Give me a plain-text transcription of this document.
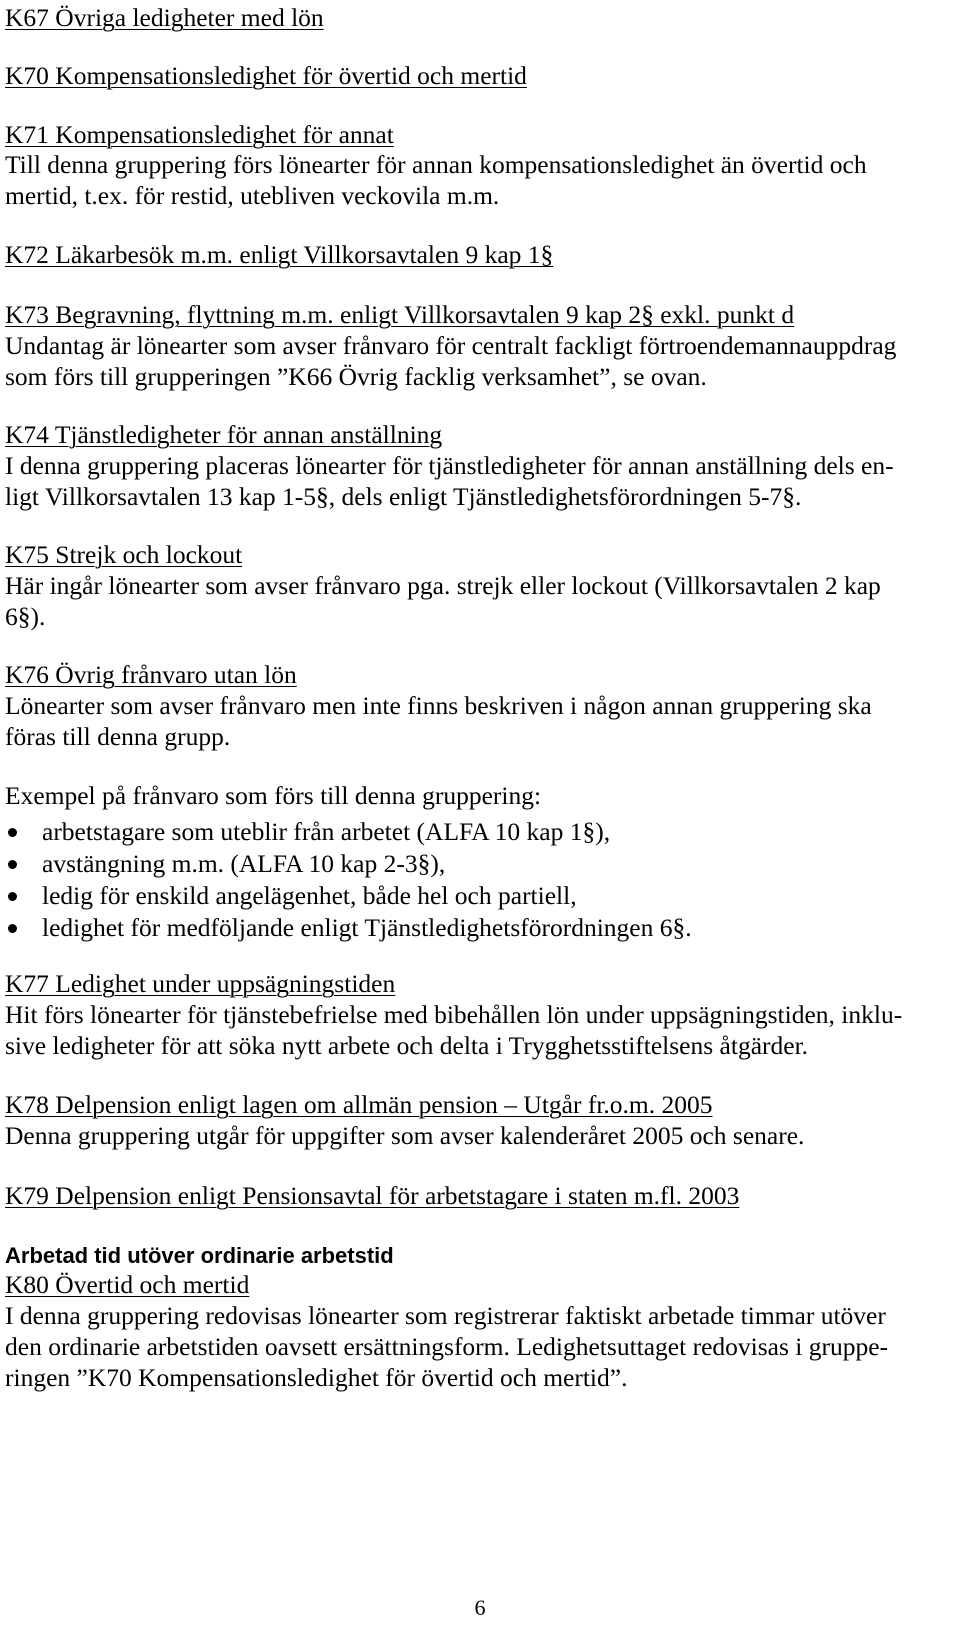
K67 Övriga ledigheter med lön
K70 Kompensationsledighet för övertid och mertid
K71 Kompensationsledighet för annat
Till denna gruppering förs lönearter för annan kompensationsledighet än övertid och
mertid, t.ex. för restid, utebliven veckovila m.m.
K72 Läkarbesök m.m. enligt Villkorsavtalen 9 kap 1§
K73 Begravning, flyttning m.m. enligt Villkorsavtalen 9 kap 2§ exkl. punkt d
Undantag är lönearter som avser frånvaro för centralt fackligt förtroendemannauppdrag
som förs till grupperingen ”K66 Övrig facklig verksamhet”, se ovan.
K74 Tjänstledigheter för annan anställning
I denna gruppering placeras lönearter för tjänstledigheter för annan anställning dels en-
ligt Villkorsavtalen 13 kap 1-5§, dels enligt Tjänstledighetsförordningen 5-7§.
K75 Strejk och lockout
Här ingår lönearter som avser frånvaro pga. strejk eller lockout (Villkorsavtalen 2 kap
6§).
K76 Övrig frånvaro utan lön
Lönearter som avser frånvaro men inte finns beskriven i någon annan gruppering ska
föras till denna grupp.
Exempel på frånvaro som förs till denna gruppering:
arbetstagare som uteblir från arbetet (ALFA 10 kap 1§),
avstängning m.m. (ALFA 10 kap 2-3§),
ledig för enskild angelägenhet, både hel och partiell,
ledighet för medföljande enligt Tjänstledighetsförordningen 6§.
K77 Ledighet under uppsägningstiden
Hit förs lönearter för tjänstebefrielse med bibehållen lön under uppsägningstiden, inklu-
sive ledigheter för att söka nytt arbete och delta i Trygghetsstiftelsens åtgärder.
K78 Delpension enligt lagen om allmän pension – Utgår fr.o.m. 2005
Denna gruppering utgår för uppgifter som avser kalenderåret 2005 och senare.
K79 Delpension enligt Pensionsavtal för arbetstagare i staten m.fl. 2003
Arbetad tid utöver ordinarie arbetstid
K80 Övertid och mertid
I denna gruppering redovisas lönearter som registrerar faktiskt arbetade timmar utöver
den ordinarie arbetstiden oavsett ersättningsform. Ledighetsuttaget redovisas i gruppe-
ringen ”K70 Kompensationsledighet för övertid och mertid”.
6
